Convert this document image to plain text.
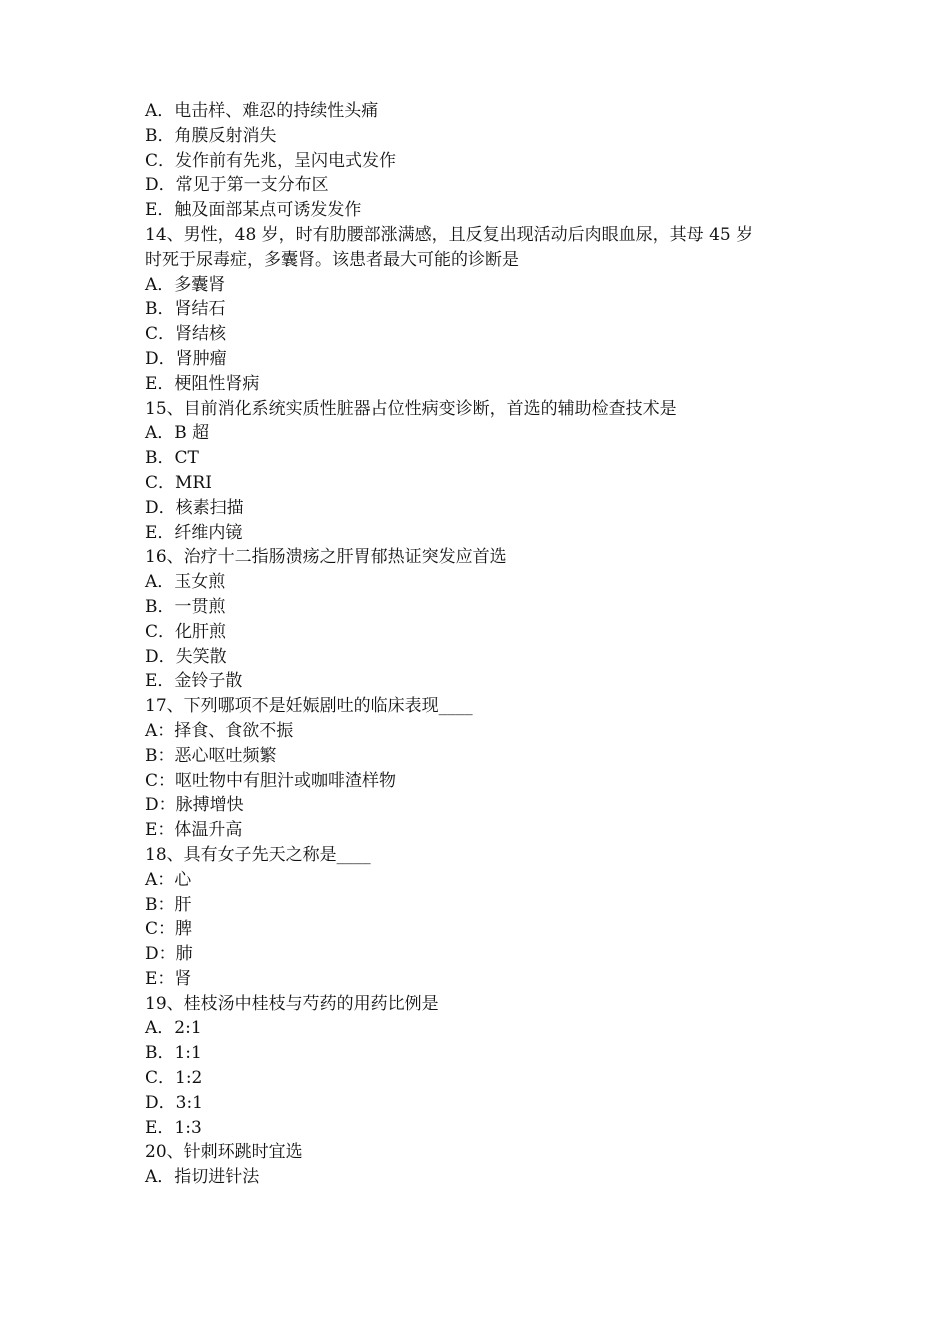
A．电击样、难忍的持续性头痛
B．角膜反射消失
C．发作前有先兆，呈闪电式发作
D．常见于第一支分布区
E．触及面部某点可诱发发作
14、男性，48 岁，时有肋腰部涨满感，且反复出现活动后肉眼血尿，其母 45 岁
时死于尿毒症，多囊肾。该患者最大可能的诊断是
A．多囊肾
B．肾结石
C．肾结核
D．肾肿瘤
E．梗阻性肾病
15、目前消化系统实质性脏器占位性病变诊断，首选的辅助检查技术是
A．B 超
B．CT
C．MRI
D．核素扫描
E．纤维内镜
16、治疗十二指肠溃疡之肝胃郁热证突发应首选
A．玉女煎
B．一贯煎
C．化肝煎
D．失笑散
E．金铃子散
17、下列哪项不是妊娠剧吐的临床表现____
A：择食、食欲不振
B：恶心呕吐频繁
C：呕吐物中有胆汁或咖啡渣样物
D：脉搏增快
E：体温升高
18、具有女子先天之称是____
A：心
B：肝
C：脾
D：肺
E：肾
19、桂枝汤中桂枝与芍药的用药比例是
A．2:1
B．1:1
C．1:2
D．3:1
E．1:3
20、针刺环跳时宜选
A．指切进针法
